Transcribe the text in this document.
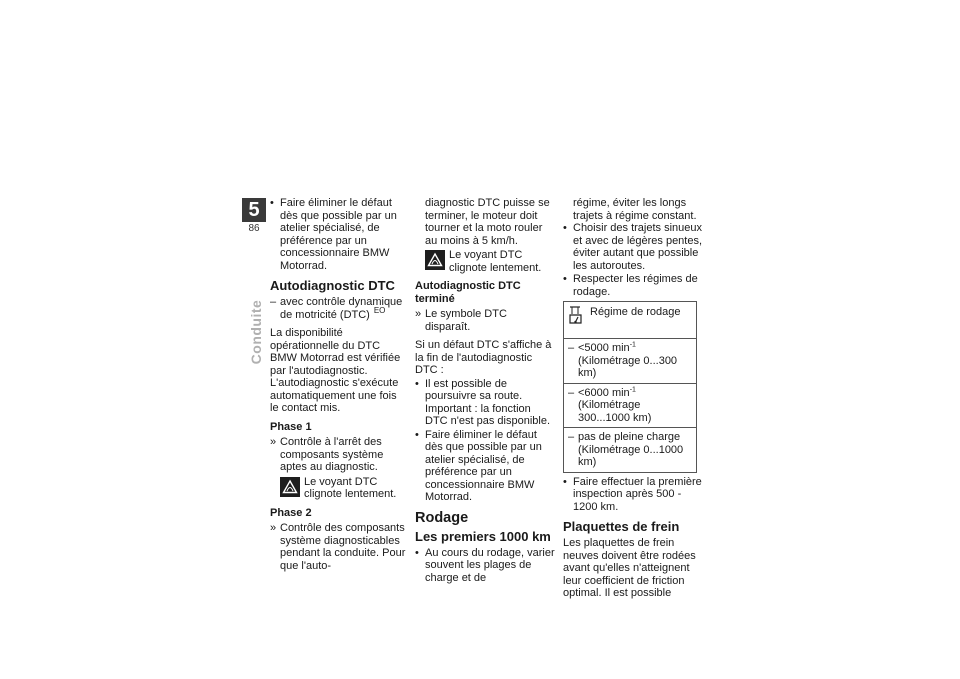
5
86
Conduite
• Faire éliminer le défaut dès que possible par un atelier spécialisé, de préférence par un concessionnaire BMW Motorrad.
Autodiagnostic DTC
– avec contrôle dynamique de motricité (DTC) $^{EO}$

La disponibilité opérationnelle du DTC BMW Motorrad est vérifiée par l'autodiagnostic. L'autodiagnostic s'exécute automatiquement une fois le contact mis.

Phase 1
» Contrôle à l'arrêt des composants système aptes au diagnostic.
Le voyant DTC clignote lentement.
Phase 2
» Contrôle des composants système diagnosticables pendant la conduite. Pour que l'auto-
diagnostic DTC puisse se terminer, le moteur doit tourner et la moto rouler au moins à 5 km/h.
Le voyant DTC clignote lentement.
Autodiagnostic DTC terminé
» Le symbole DTC disparaît.

Si un défaut DTC s'affiche à la fin de l'autodiagnostic DTC :

• Il est possible de poursuivre sa route. Important : la fonction DTC n'est pas disponible.
• Faire éliminer le défaut dès que possible par un atelier spécialisé, de préférence par un concessionnaire BMW Motorrad.
Rodage
Les premiers 1000 km
• Au cours du rodage, varier souvent les plages de charge et de
régime, éviter les longs trajets à régime constant.
• Choisir des trajets sinueux et avec de légères pentes, éviter autant que possible les autoroutes.
• Respecter les régimes de rodage.
Régime de rodage

– <5000 $\min^{-1}$ (Kilométrage 0...300 km)

– <6000 $\min^{-1}$ (Kilométrage 300...1000 km)

– pas de pleine charge (Kilométrage 0...1000 km)
• Faire effectuer la première inspection après 500 - 1200 km.
Plaquettes de frein

Les plaquettes de frein neuves doivent être rodées avant qu'elles n'atteignent leur coefficient de friction optimal. Il est possible
